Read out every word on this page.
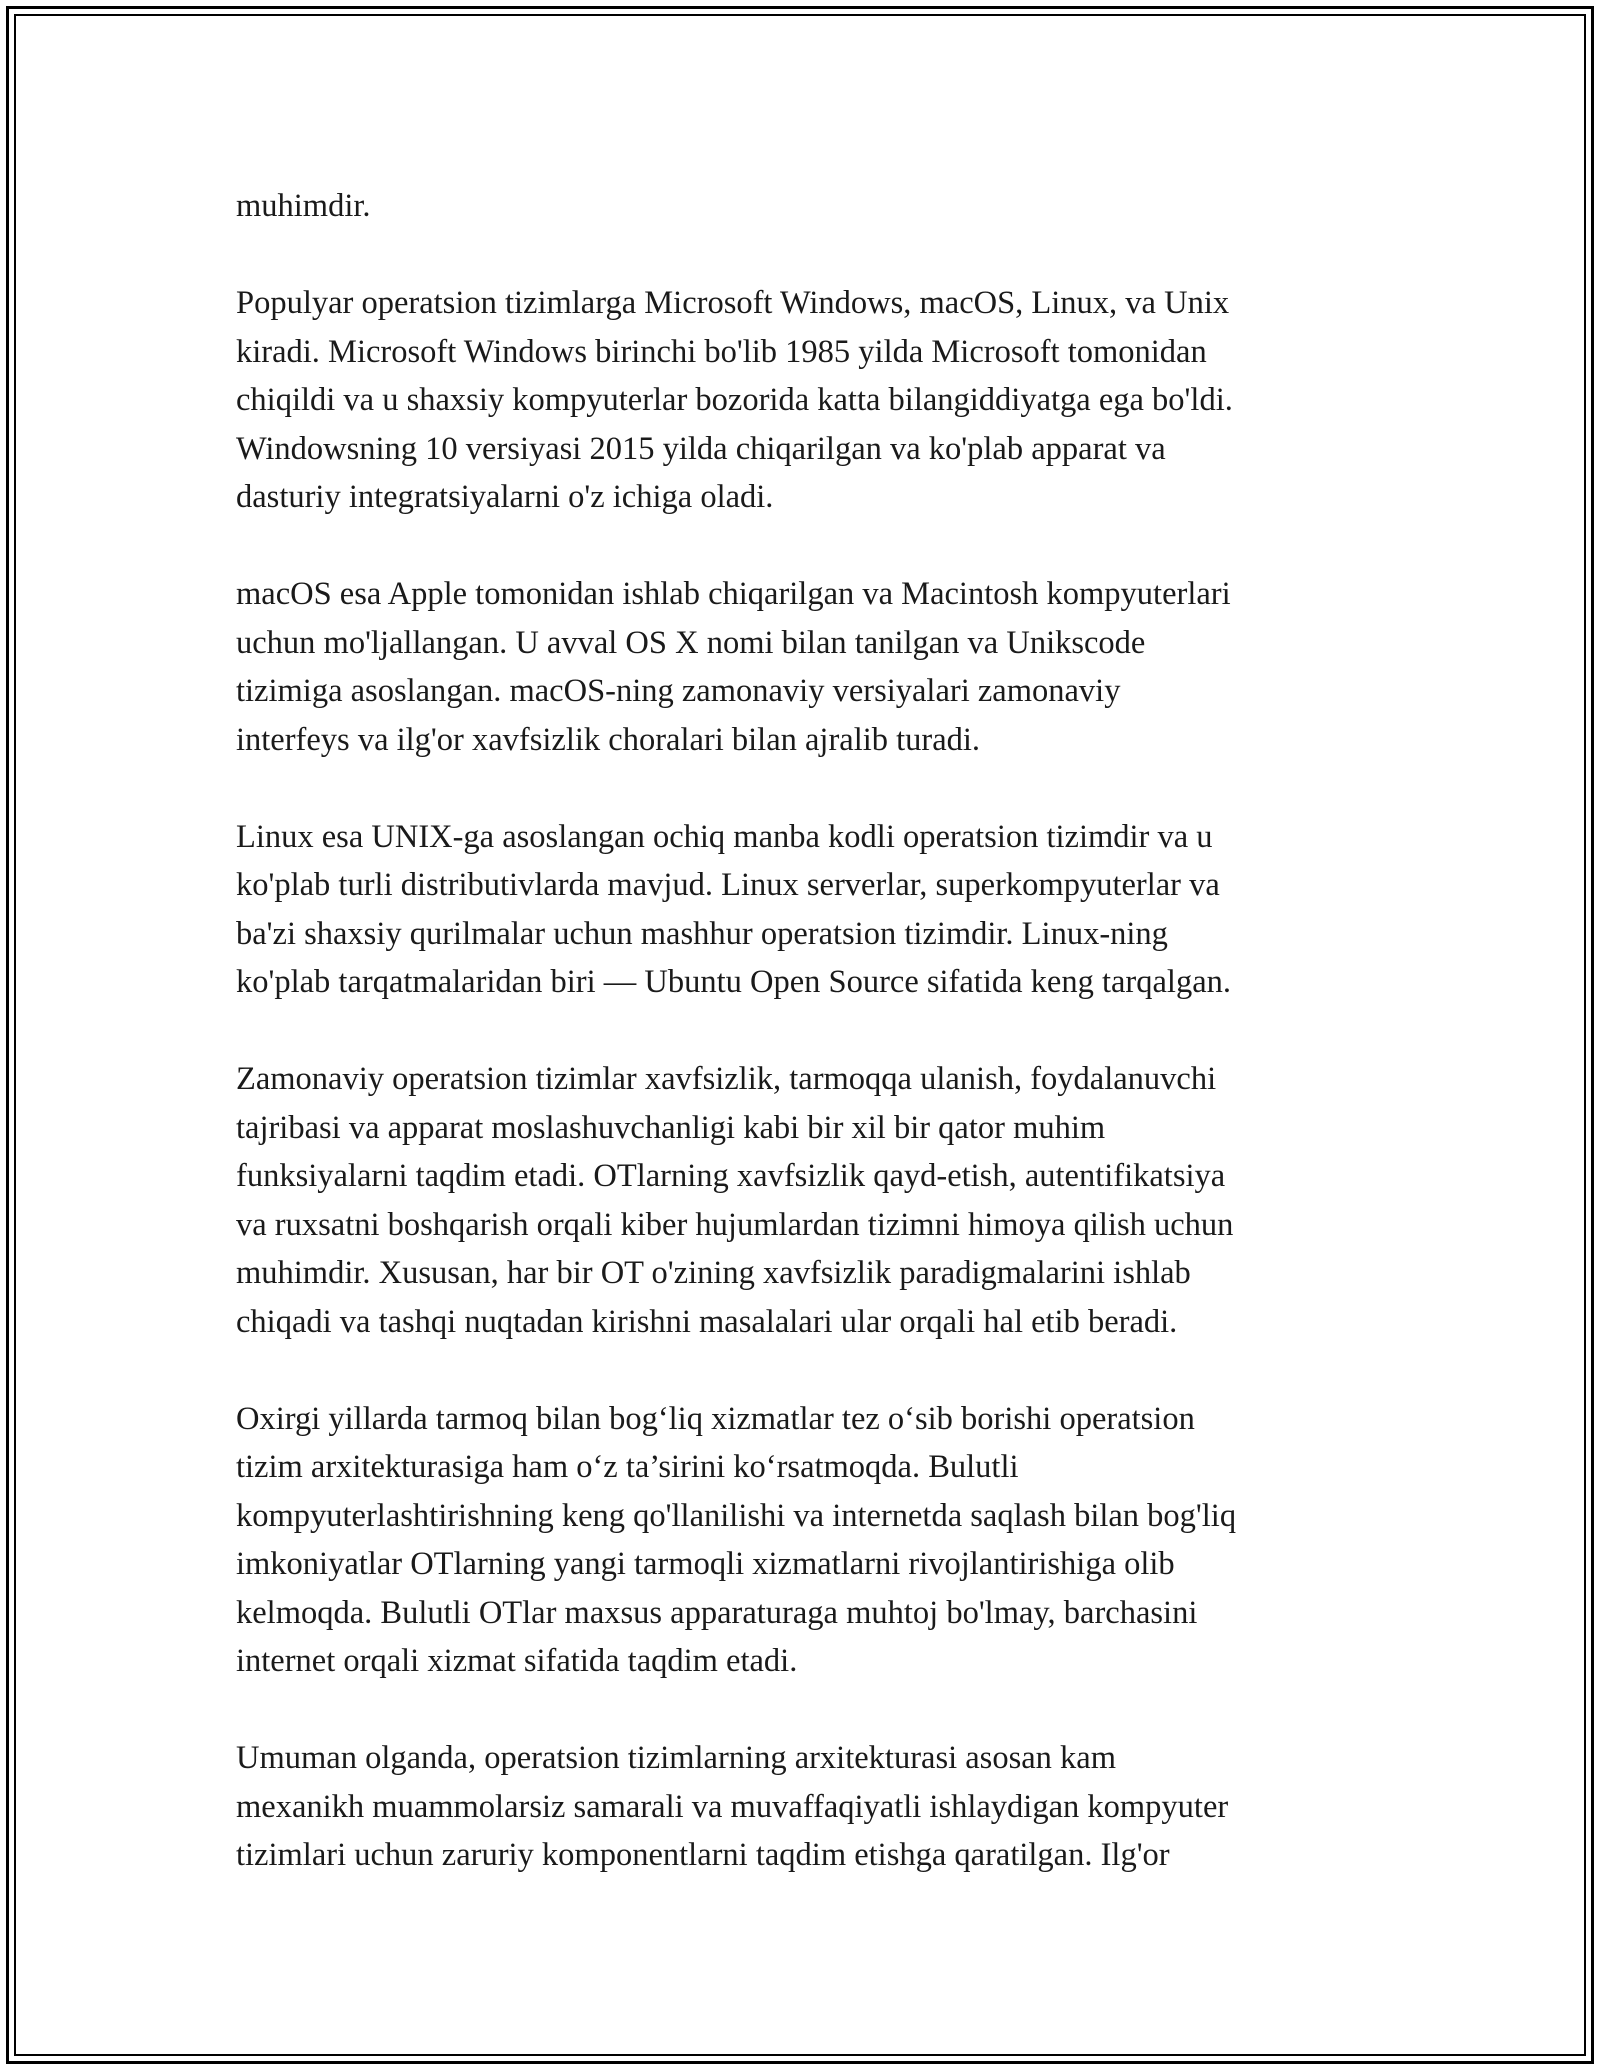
muhimdir.

Populyar operatsion tizimlarga Microsoft Windows, macOS, Linux, va Unix
kiradi. Microsoft Windows birinchi bo'lib 1985 yilda Microsoft tomonidan
chiqildi va u shaxsiy kompyuterlar bozorida katta bilangiddiyatga ega bo'ldi.
Windowsning 10 versiyasi 2015 yilda chiqarilgan va ko'plab apparat va
dasturiy integratsiyalarni o'z ichiga oladi.

macOS esa Apple tomonidan ishlab chiqarilgan va Macintosh kompyuterlari
uchun mo'ljallangan. U avval OS X nomi bilan tanilgan va Unikscode
tizimiga asoslangan. macOS-ning zamonaviy versiyalari zamonaviy
interfeys va ilg'or xavfsizlik choralari bilan ajralib turadi.

Linux esa UNIX-ga asoslangan ochiq manba kodli operatsion tizimdir va u
ko'plab turli distributivlarda mavjud. Linux serverlar, superkompyuterlar va
ba'zi shaxsiy qurilmalar uchun mashhur operatsion tizimdir. Linux-ning
ko'plab tarqatmalaridan biri — Ubuntu Open Source sifatida keng tarqalgan.

Zamonaviy operatsion tizimlar xavfsizlik, tarmoqqa ulanish, foydalanuvchi
tajribasi va apparat moslashuvchanligi kabi bir xil bir qator muhim
funksiyalarni taqdim etadi. OTlarning xavfsizlik qayd-etish, autentifikatsiya
va ruxsatni boshqarish orqali kiber hujumlardan tizimni himoya qilish uchun
muhimdir. Xususan, har bir OT o'zining xavfsizlik paradigmalarini ishlab
chiqadi va tashqi nuqtadan kirishni masalalari ular orqali hal etib beradi.

Oxirgi yillarda tarmoq bilan bog‘liq xizmatlar tez o‘sib borishi operatsion
tizim arxitekturasiga ham o‘z ta’sirini ko‘rsatmoqda. Bulutli
kompyuterlashtirishning keng qo'llanilishi va internetda saqlash bilan bog'liq
imkoniyatlar OTlarning yangi tarmoqli xizmatlarni rivojlantirishiga olib
kelmoqda. Bulutli OTlar maxsus apparaturaga muhtoj bo'lmay, barchasini
internet orqali xizmat sifatida taqdim etadi.

Umuman olganda, operatsion tizimlarning arxitekturasi asosan kam
mexanikh muammolarsiz samarali va muvaffaqiyatli ishlaydigan kompyuter
tizimlari uchun zaruriy komponentlarni taqdim etishga qaratilgan. Ilg'or
